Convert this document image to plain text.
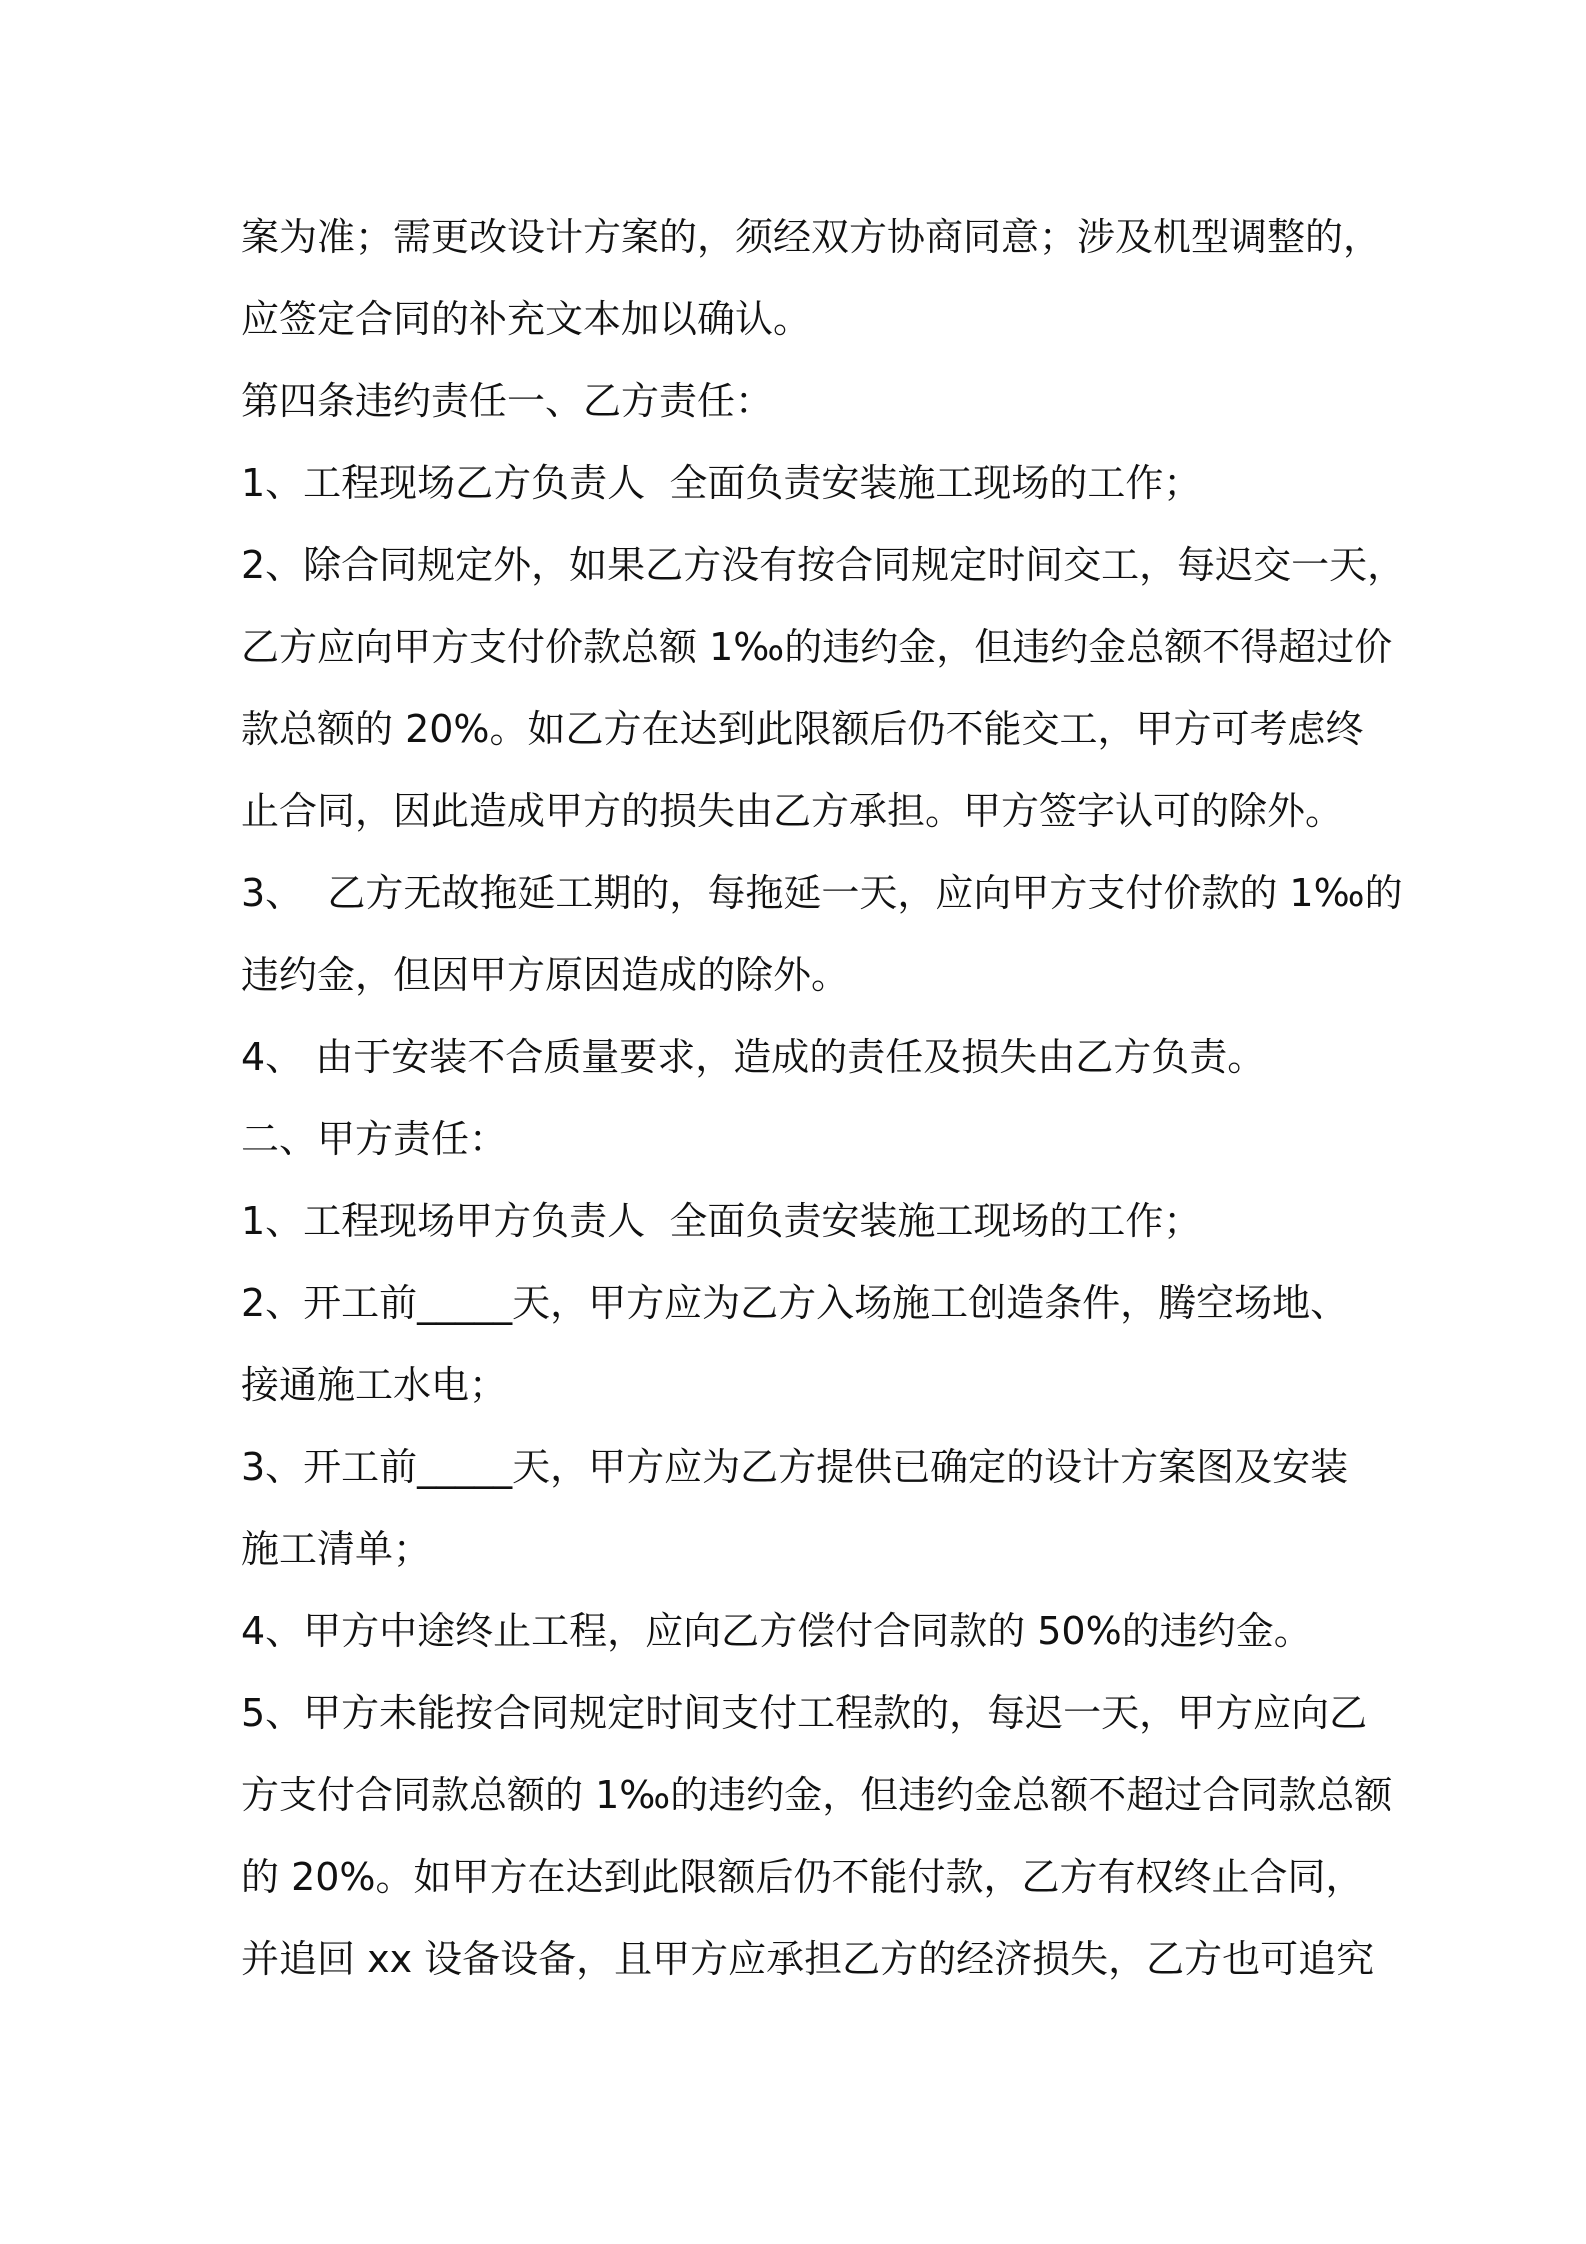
案为准；需更改设计方案的，须经双方协商同意；涉及机型调整的，
应签定合同的补充文本加以确认。
第四条违约责任一、乙方责任：
1、工程现场乙方负责人  全面负责安装施工现场的工作；
2、除合同规定外，如果乙方没有按合同规定时间交工，每迟交一天，
乙方应向甲方支付价款总额 1‰的违约金，但违约金总额不得超过价
款总额的 20%。如乙方在达到此限额后仍不能交工，甲方可考虑终
止合同，因此造成甲方的损失由乙方承担。甲方签字认可的除外。
3、  乙方无故拖延工期的，每拖延一天，应向甲方支付价款的 1‰的
违约金，但因甲方原因造成的除外。
4、 由于安装不合质量要求，造成的责任及损失由乙方负责。
二、甲方责任：
1、工程现场甲方负责人  全面负责安装施工现场的工作；
2、开工前_____天，甲方应为乙方入场施工创造条件，腾空场地、
接通施工水电；
3、开工前_____天，甲方应为乙方提供已确定的设计方案图及安装
施工清单；
4、甲方中途终止工程，应向乙方偿付合同款的 50%的违约金。
5、甲方未能按合同规定时间支付工程款的，每迟一天，甲方应向乙
方支付合同款总额的 1‰的违约金，但违约金总额不超过合同款总额
的 20%。如甲方在达到此限额后仍不能付款，乙方有权终止合同，
并追回 xx 设备设备，且甲方应承担乙方的经济损失，乙方也可追究
